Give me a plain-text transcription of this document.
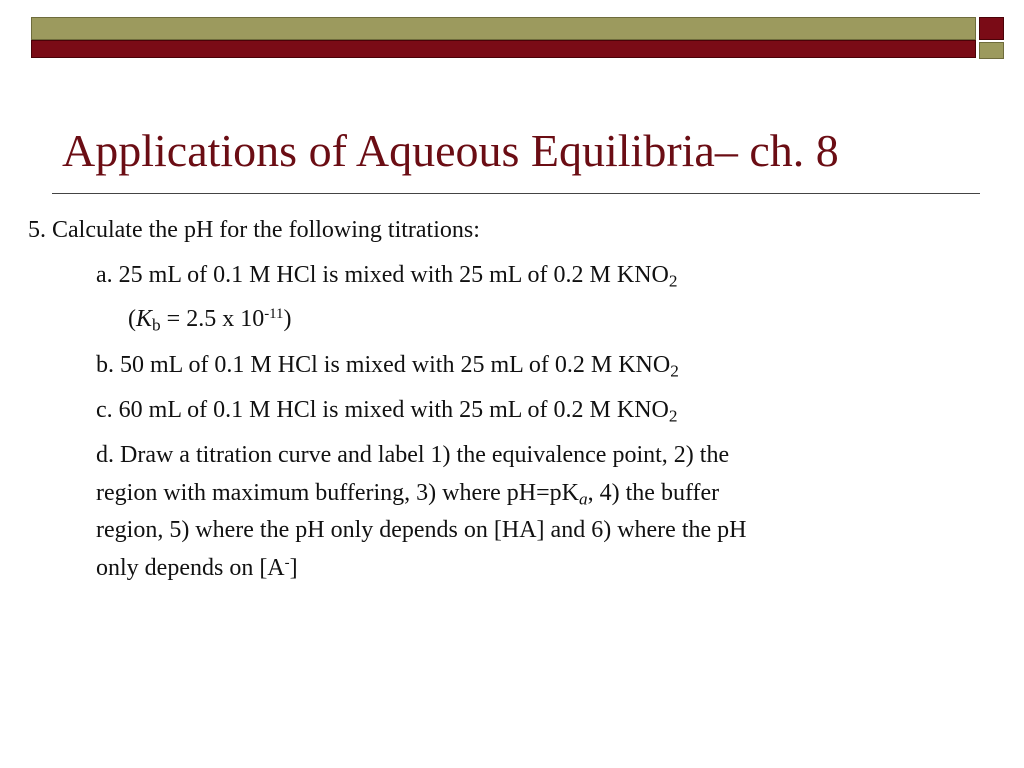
Applications of Aqueous Equilibria– ch. 8
5. Calculate the pH for the following titrations:
a. 25 mL of 0.1 M HCl is mixed with 25 mL of 0.2 M $KNO_2$
($K_b = 2.5$ x $10^{-11}$)
b. 50 mL of 0.1 M HCl is mixed with 25 mL of 0.2 M $KNO_2$
c. 60 mL of 0.1 M HCl is mixed with 25 mL of 0.2 M $KNO_2$
d. Draw a titration curve and label 1) the equivalence point, 2) the
region with maximum buffering, 3) where $pH=pK_a$, 4) the buffer
region, 5) where the pH only depends on [HA] and 6) where the pH
only depends on [A-]
